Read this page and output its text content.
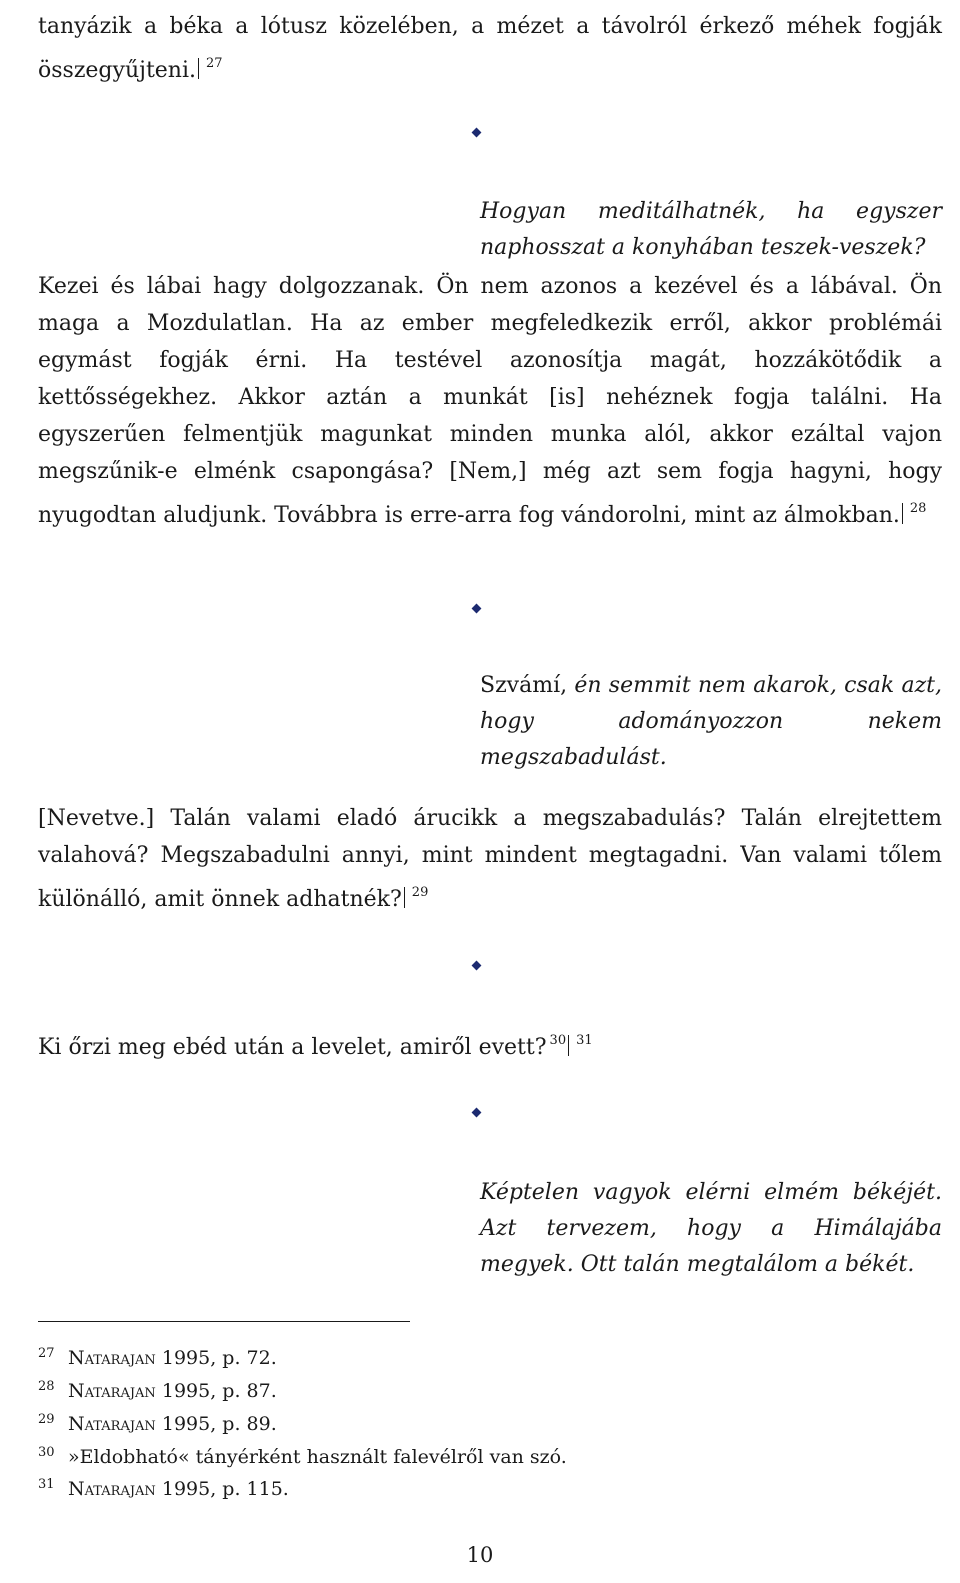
tanyázik a béka a lótusz közelében, a mézet a távolról érkező méhek fogják összegyűjteni. $^{27}$
Hogyan meditálhatnék, ha egyszer naphosszat a konyhában teszek-veszek?
Kezei és lábai hagy dolgozzanak. Ön nem azonos a kezével és a lábával. Ön maga a Mozdulatlan. Ha az ember megfeledkezik erről, akkor problémái egymást fogják érni. Ha testével azonosítja magát, hozzákötődik a kettősségekhez. Akkor aztán a munkát [is] nehéznek fogja találni. Ha egyszerűen felmentjük magunkat minden munka alól, akkor ezáltal vajon megszűnik-e elménk csapongása? [Nem,] még azt sem fogja hagyni, hogy nyugodtan aludjunk. Továbbra is erre-arra fog vándorolni, mint az álmokban. $^{28}$
Szvámí, én semmit nem akarok, csak azt, hogy adományozzon nekem megszabadulást.
[Nevetve.] Talán valami eladó árucikk a megszabadulás? Talán elrejtettem valahová? Megszabadulni annyi, mint mindent megtagadni. Van valami tőlem különálló, amit önnek adhatnék? $^{29}$
Ki őrzi meg ebéd után a levelet, amiről evett? $^{30}$ $^{31}$
Képtelen vagyok elérni elmém békéjét. Azt tervezem, hogy a Himálajába megyek. Ott talán megtalálom a békét.
27 Natarajan 1995, p. 72.
28 Natarajan 1995, p. 87.
29 Natarajan 1995, p. 89.
30 »Eldobható« tányérként használt falevélről van szó.
31 Natarajan 1995, p. 115.
10
